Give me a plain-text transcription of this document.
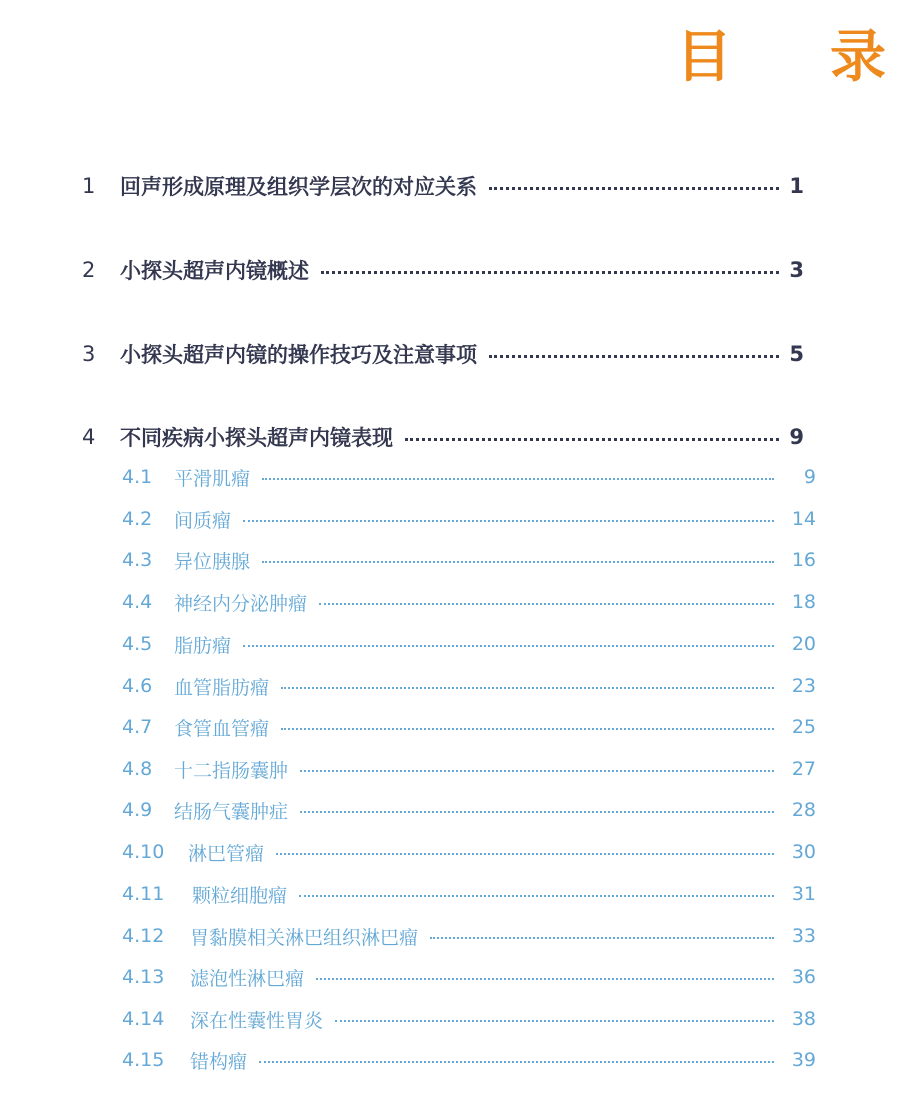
目 录
1	回声形成原理及组织学层次的对应关系	1
2	小探头超声内镜概述	3
3	小探头超声内镜的操作技巧及注意事项	5
4	不同疾病小探头超声内镜表现	9
4.1	平滑肌瘤	9
4.2	间质瘤	14
4.3	异位胰腺	16
4.4	神经内分泌肿瘤	18
4.5	脂肪瘤	20
4.6	血管脂肪瘤	23
4.7	食管血管瘤	25
4.8	十二指肠囊肿	27
4.9	结肠气囊肿症	28
4.10	淋巴管瘤	30
4.11	颗粒细胞瘤	31
4.12	胃黏膜相关淋巴组织淋巴瘤	33
4.13	滤泡性淋巴瘤	36
4.14	深在性囊性胃炎	38
4.15	错构瘤	39
